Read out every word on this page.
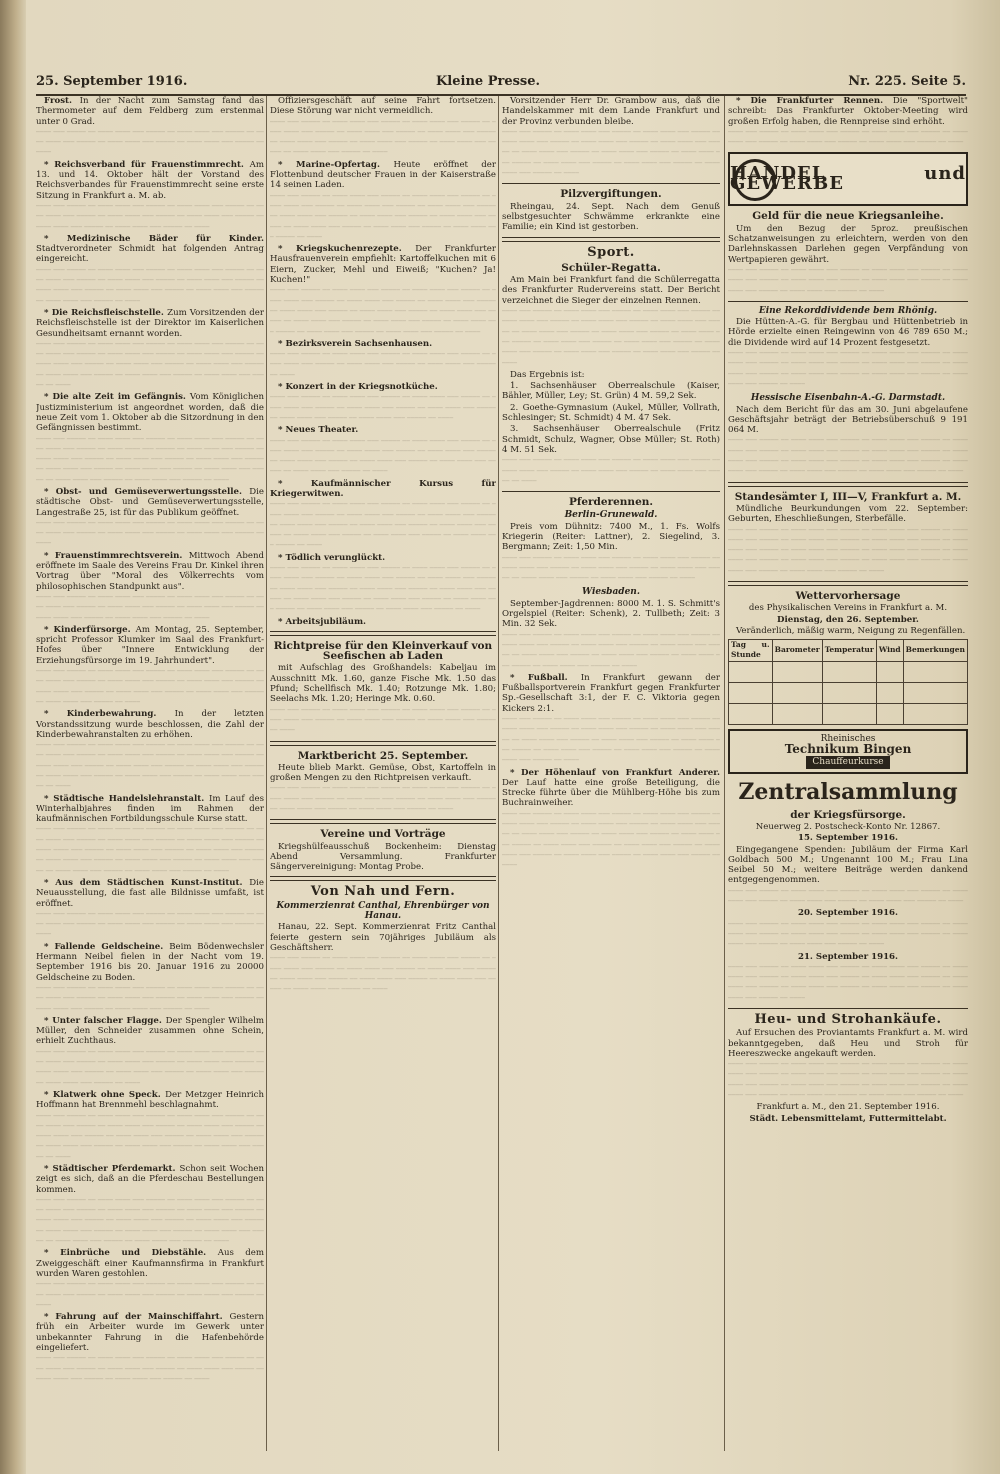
25. September 1916.	Kleine Presse.	Nr. 225. Seite 5.

Frost. In der Nacht zum Samstag fand das Thermometer auf dem Feldberg zum erstenmal unter 0 Grad.

──── ─── ───── ── ──── ──── ─── ───── ── ──── ──── ─── ───── ── ──── ──── ─── ───── ── ──── ──── ─── ───── ── ──── ──── ─── ───── ── ────

* Reichsverband für Frauenstimmrecht. Am 13. und 14. Oktober hält der Vorstand des Reichsverbandes für Frauenstimmrecht seine erste Sitzung in Frankfurt a. M. ab.

──── ─── ───── ── ──── ──── ─── ───── ── ──── ──── ─── ───── ── ──── ──── ─── ───── ── ──── ──── ─── ───── ── ──── ──── ─── ───── ── ──── ──── ─── ───── ── ──── ──── ─── ───── ── ────

* Medizinische Bäder für Kinder. Stadtverordneter Schmidt hat folgenden Antrag eingereicht.

──── ─── ───── ── ──── ──── ─── ───── ── ──── ──── ─── ───── ── ──── ──── ─── ───── ── ──── ──── ─── ───── ── ──── ──── ─── ───── ── ──── ──── ─── ───── ── ──── ──── ─── ───── ── ──── ──── ─── ───── ── ──── ──── ─── ───── ── ────

* Die Reichsfleischstelle. Zum Vorsitzenden der Reichsfleischstelle ist der Direktor im Kaiserlichen Gesundheitsamt ernannt worden.

──── ─── ───── ── ──── ──── ─── ───── ── ──── ──── ─── ───── ── ──── ──── ─── ───── ── ──── ──── ─── ───── ── ──── ──── ─── ───── ── ──── ──── ─── ───── ── ──── ──── ─── ───── ── ──── ──── ─── ───── ── ──── ──── ─── ───── ── ──── ──── ─── ───── ── ──── ──── ─── ───── ── ────

* Die alte Zeit im Gefängnis. Vom Königlichen Justizministerium ist angeordnet worden, daß die neue Zeit vom 1. Oktober ab die Sitzordnung in den Gefängnissen bestimmt.

──── ─── ───── ── ──── ──── ─── ───── ── ──── ──── ─── ───── ── ──── ──── ─── ───── ── ──── ──── ─── ───── ── ──── ──── ─── ───── ── ──── ──── ─── ───── ── ──── ──── ─── ───── ── ──── ──── ─── ───── ── ──── ──── ─── ───── ── ──── ──── ─── ───── ── ──── ──── ─── ───── ── ──── ──── ─── ───── ── ──── ──── ─── ───── ── ────

* Obst- und Gemüseverwertungsstelle. Die städtische Obst- und Gemüseverwertungsstelle, Langestraße 25, ist für das Publikum geöffnet.

──── ─── ───── ── ──── ──── ─── ───── ── ──── ──── ─── ───── ── ──── ──── ─── ───── ── ──── ──── ─── ───── ── ──── ──── ─── ───── ── ────

* Frauenstimmrechtsverein. Mittwoch Abend eröffnete im Saale des Vereins Frau Dr. Kinkel ihren Vortrag über "Moral des Völkerrechts vom philosophischen Standpunkt aus".

──── ─── ───── ── ──── ──── ─── ───── ── ──── ──── ─── ───── ── ──── ──── ─── ───── ── ──── ──── ─── ───── ── ──── ──── ─── ───── ── ──── ──── ─── ───── ── ──── ──── ─── ───── ── ────

* Kinderfürsorge. Am Montag, 25. September, spricht Professor Klumker im Saal des Frankfurt-Hofes über "Innere Entwicklung der Erziehungsfürsorge im 19. Jahrhundert".

──── ─── ───── ── ──── ──── ─── ───── ── ──── ──── ─── ───── ── ──── ──── ─── ───── ── ──── ──── ─── ───── ── ──── ──── ─── ───── ── ──── ──── ─── ───── ── ──── ──── ─── ───── ── ──── ──── ─── ───── ── ──── ──── ─── ───── ── ────

* Kinderbewahrung. In der letzten Vorstandssitzung wurde beschlossen, die Zahl der Kinderbewahranstalten zu erhöhen.

──── ─── ───── ── ──── ──── ─── ───── ── ──── ──── ─── ───── ── ──── ──── ─── ───── ── ──── ──── ─── ───── ── ──── ──── ─── ───── ── ──── ──── ─── ───── ── ──── ──── ─── ───── ── ──── ──── ─── ───── ── ──── ──── ─── ───── ── ──── ──── ─── ───── ── ──── ──── ─── ───── ── ────

* Städtische Handelslehranstalt. Im Lauf des Winterhalbjahres finden im Rahmen der kaufmännischen Fortbildungsschule Kurse statt.

──── ─── ───── ── ──── ──── ─── ───── ── ──── ──── ─── ───── ── ──── ──── ─── ───── ── ──── ──── ─── ───── ── ──── ──── ─── ───── ── ──── ──── ─── ───── ── ──── ──── ─── ───── ── ──── ──── ─── ───── ── ──── ──── ─── ───── ── ──── ──── ─── ───── ── ──── ──── ─── ───── ── ──── ──── ─── ───── ── ──── ──── ─── ───── ── ────

* Aus dem Städtischen Kunst-Institut. Die Neuausstellung, die fast alle Bildnisse umfaßt, ist eröffnet.

──── ─── ───── ── ──── ──── ─── ───── ── ──── ──── ─── ───── ── ──── ──── ─── ───── ── ──── ──── ─── ───── ── ──── ──── ─── ───── ── ────

* Fallende Geldscheine. Beim Bödenwechsler Hermann Neibel fielen in der Nacht vom 19. September 1916 bis 20. Januar 1916 zu 20000 Geldscheine zu Boden.

──── ─── ───── ── ──── ──── ─── ───── ── ──── ──── ─── ───── ── ──── ──── ─── ───── ── ──── ──── ─── ───── ── ──── ──── ─── ───── ── ──── ──── ─── ───── ── ──── ──── ─── ───── ── ────

* Unter falscher Flagge. Der Spengler Wilhelm Müller, den Schneider zusammen ohne Schein, erhielt Zuchthaus.

──── ─── ───── ── ──── ──── ─── ───── ── ──── ──── ─── ───── ── ──── ──── ─── ───── ── ──── ──── ─── ───── ── ──── ──── ─── ───── ── ──── ──── ─── ───── ── ──── ──── ─── ───── ── ──── ──── ─── ───── ── ──── ──── ─── ───── ── ────

* Klatwerk ohne Speck. Der Metzger Heinrich Hoffmann hat Brennmehl beschlagnahmt.

──── ─── ───── ── ──── ──── ─── ───── ── ──── ──── ─── ───── ── ──── ──── ─── ───── ── ──── ──── ─── ───── ── ──── ──── ─── ───── ── ──── ──── ─── ───── ── ──── ──── ─── ───── ── ──── ──── ─── ───── ── ──── ──── ─── ───── ── ──── ──── ─── ───── ── ──── ──── ─── ───── ── ────

* Städtischer Pferdemarkt. Schon seit Wochen zeigt es sich, daß an die Pferdeschau Bestellungen kommen.

──── ─── ───── ── ──── ──── ─── ───── ── ──── ──── ─── ───── ── ──── ──── ─── ───── ── ──── ──── ─── ───── ── ──── ──── ─── ───── ── ──── ──── ─── ───── ── ──── ──── ─── ───── ── ──── ──── ─── ───── ── ──── ──── ─── ───── ── ──── ──── ─── ───── ── ──── ──── ─── ───── ── ──── ──── ─── ───── ── ──── ──── ─── ───── ── ────

* Einbrüche und Diebstähle. Aus dem Zweiggeschäft einer Kaufmannsfirma in Frankfurt wurden Waren gestohlen.

──── ─── ───── ── ──── ──── ─── ───── ── ──── ──── ─── ───── ── ──── ──── ─── ───── ── ──── ──── ─── ───── ── ──── ──── ─── ───── ── ────

* Fahrung auf der Mainschiffahrt. Gestern früh ein Arbeiter wurde im Gewerk unter unbekannter Fahrung in die Hafenbehörde eingeliefert.

──── ─── ───── ── ──── ──── ─── ───── ── ──── ──── ─── ───── ── ──── ──── ─── ───── ── ──── ──── ─── ───── ── ──── ──── ─── ───── ── ──── ──── ─── ───── ── ──── ──── ─── ───── ── ────

Offiziersgeschäft auf seine Fahrt fortsetzen. Diese Störung war nicht vermeidlich.

──── ─── ───── ── ──── ──── ─── ───── ── ──── ──── ─── ───── ── ──── ──── ─── ───── ── ──── ──── ─── ───── ── ──── ──── ─── ───── ── ──── ──── ─── ───── ── ──── ──── ─── ───── ── ──── ──── ─── ───── ── ──── ──── ─── ───── ── ────

* Marine-Opfertag. Heute eröffnet der Flottenbund deutscher Frauen in der Kaiserstraße 14 seinen Laden.

──── ─── ───── ── ──── ──── ─── ───── ── ──── ──── ─── ───── ── ──── ──── ─── ───── ── ──── ──── ─── ───── ── ──── ──── ─── ───── ── ──── ──── ─── ───── ── ──── ──── ─── ───── ── ──── ──── ─── ───── ── ──── ──── ─── ───── ── ──── ──── ─── ───── ── ──── ──── ─── ───── ── ────

* Kriegskuchenrezepte. Der Frankfurter Hausfrauenverein empfiehlt: Kartoffelkuchen mit 6 Eiern, Zucker, Mehl und Eiweiß; "Kuchen? Ja! Kuchen!"

──── ─── ───── ── ──── ──── ─── ───── ── ──── ──── ─── ───── ── ──── ──── ─── ───── ── ──── ──── ─── ───── ── ──── ──── ─── ───── ── ──── ──── ─── ───── ── ──── ──── ─── ───── ── ──── ──── ─── ───── ── ──── ──── ─── ───── ── ──── ──── ─── ───── ── ──── ──── ─── ───── ── ──── ──── ─── ───── ── ──── ──── ─── ───── ── ────

* Bezirksverein Sachsenhausen.

──── ─── ───── ── ──── ──── ─── ───── ── ──── ──── ─── ───── ── ──── ──── ─── ───── ── ──── ──── ─── ───── ── ──── ──── ─── ───── ── ────

* Konzert in der Kriegsnotküche.

──── ─── ───── ── ──── ──── ─── ───── ── ──── ──── ─── ───── ── ──── ──── ─── ───── ── ──── ──── ─── ───── ── ──── ──── ─── ───── ── ──── ──── ─── ───── ── ──── ──── ─── ───── ── ────

* Neues Theater.

──── ─── ───── ── ──── ──── ─── ───── ── ──── ──── ─── ───── ── ──── ──── ─── ───── ── ──── ──── ─── ───── ── ──── ──── ─── ───── ── ──── ──── ─── ───── ── ──── ──── ─── ───── ── ──── ──── ─── ───── ── ──── ──── ─── ───── ── ────

* Kaufmännischer Kursus für Kriegerwitwen.

──── ─── ───── ── ──── ──── ─── ───── ── ──── ──── ─── ───── ── ──── ──── ─── ───── ── ──── ──── ─── ───── ── ──── ──── ─── ───── ── ──── ──── ─── ───── ── ──── ──── ─── ───── ── ──── ──── ─── ───── ── ──── ──── ─── ───── ── ──── ──── ─── ───── ── ──── ──── ─── ───── ── ────

* Tödlich verunglückt.

──── ─── ───── ── ──── ──── ─── ───── ── ──── ──── ─── ───── ── ──── ──── ─── ───── ── ──── ──── ─── ───── ── ──── ──── ─── ───── ── ──── ──── ─── ───── ── ──── ──── ─── ───── ── ──── ──── ─── ───── ── ──── ──── ─── ───── ── ──── ──── ─── ───── ── ──── ──── ─── ───── ── ──── ──── ─── ───── ── ──── ──── ─── ───── ── ────

* Arbeitsjubiläum.

Richtpreise für den Kleinverkauf von Seefischen ab Laden

mit Aufschlag des Großhandels: Kabeljau im Ausschnitt Mk. 1.60, ganze Fische Mk. 1.50 das Pfund; Schellfisch Mk. 1.40; Rotzunge Mk. 1.80; Seelachs Mk. 1.20; Heringe Mk. 0.60.

──── ─── ───── ── ──── ──── ─── ───── ── ──── ──── ─── ───── ── ──── ──── ─── ───── ── ──── ──── ─── ───── ── ──── ──── ─── ───── ── ────

Marktbericht 25. September.

Heute blieb Markt. Gemüse, Obst, Kartoffeln in großen Mengen zu den Richtpreisen verkauft.

──── ─── ───── ── ──── ──── ─── ───── ── ──── ──── ─── ───── ── ──── ──── ─── ───── ── ──── ──── ─── ───── ── ──── ──── ─── ───── ── ──── ──── ─── ───── ── ──── ──── ─── ───── ── ────

Vereine und Vorträge

Kriegshülfeausschuß Bockenheim: Dienstag Abend Versammlung. Frankfurter Sängervereinigung: Montag Probe.

Von Nah und Fern.
Kommerzienrat Canthal, Ehrenbürger von Hanau.

Hanau, 22. Sept. Kommerzienrat Fritz Canthal feierte gestern sein 70jähriges Jubiläum als Geschäftsherr.

──── ─── ───── ── ──── ──── ─── ───── ── ──── ──── ─── ───── ── ──── ──── ─── ───── ── ──── ──── ─── ───── ── ──── ──── ─── ───── ── ──── ──── ─── ───── ── ──── ──── ─── ───── ── ──── ──── ─── ───── ── ──── ──── ─── ───── ── ────

Vorsitzender Herr Dr. Grambow aus, daß die Handelskammer mit dem Lande Frankfurt und der Provinz verbunden bleibe.

──── ─── ───── ── ──── ──── ─── ───── ── ──── ──── ─── ───── ── ──── ──── ─── ───── ── ──── ──── ─── ───── ── ──── ──── ─── ───── ── ──── ──── ─── ───── ── ──── ──── ─── ───── ── ──── ──── ─── ───── ── ──── ──── ─── ───── ── ──── ──── ─── ───── ── ──── ──── ─── ───── ── ────

Pilzvergiftungen.

Rheingau, 24. Sept. Nach dem Genuß selbstgesuchter Schwämme erkrankte eine Familie; ein Kind ist gestorben.

Sport.
Schüler-Regatta.

Am Main bei Frankfurt fand die Schülerregatta des Frankfurter Rudervereins statt. Der Bericht verzeichnet die Sieger der einzelnen Rennen.

──── ─── ───── ── ──── ──── ─── ───── ── ──── ──── ─── ───── ── ──── ──── ─── ───── ── ──── ──── ─── ───── ── ──── ──── ─── ───── ── ──── ──── ─── ───── ── ──── ──── ─── ───── ── ──── ──── ─── ───── ── ──── ──── ─── ───── ── ──── ──── ─── ───── ── ──── ──── ─── ───── ── ──── ──── ─── ───── ── ──── ──── ─── ───── ── ────

Das Ergebnis ist:

1. Sachsenhäuser Oberrealschule (Kaiser, Bähler, Müller, Ley; St. Grün) 4 M. 59,2 Sek.

2. Goethe-Gymnasium (Aukel, Müller, Vollrath, Schlesinger; St. Schmidt) 4 M. 47 Sek.

3. Sachsenhäuser Oberrealschule (Fritz Schmidt, Schulz, Wagner, Obse Müller; St. Roth) 4 M. 51 Sek.

──── ─── ───── ── ──── ──── ─── ───── ── ──── ──── ─── ───── ── ──── ──── ─── ───── ── ──── ──── ─── ───── ── ──── ──── ─── ───── ── ────

Pferderennen.
Berlin-Grunewald.

Preis vom Dühnitz: 7400 M., 1. Fs. Wolfs Kriegerin (Reiter: Lattner), 2. Siegelind, 3. Bergmann; Zeit: 1,50 Min.

──── ─── ───── ── ──── ──── ─── ───── ── ──── ──── ─── ───── ── ──── ──── ─── ───── ── ──── ──── ─── ───── ── ──── ──── ─── ───── ── ──── ──── ─── ───── ── ──── ──── ─── ───── ── ────

Wiesbaden.

September-Jagdrennen: 8000 M. 1. S. Schmitt's Orgelspiel (Reiter: Schenk), 2. Tullbeth; Zeit: 3 Min. 32 Sek.

──── ─── ───── ── ──── ──── ─── ───── ── ──── ──── ─── ───── ── ──── ──── ─── ───── ── ──── ──── ─── ───── ── ──── ──── ─── ───── ── ──── ──── ─── ───── ── ──── ──── ─── ───── ── ──── ──── ─── ───── ── ──── ──── ─── ───── ── ────

* Fußball. In Frankfurt gewann der Fußballsportverein Frankfurt gegen Frankfurter Sp.-Gesellschaft 3:1, der F. C. Viktoria gegen Kickers 2:1.

──── ─── ───── ── ──── ──── ─── ───── ── ──── ──── ─── ───── ── ──── ──── ─── ───── ── ──── ──── ─── ───── ── ──── ──── ─── ───── ── ──── ──── ─── ───── ── ──── ──── ─── ───── ── ──── ──── ─── ───── ── ──── ──── ─── ───── ── ──── ──── ─── ───── ── ──── ──── ─── ───── ── ────

* Der Höhenlauf von Frankfurt Anderer. Der Lauf hatte eine große Beteiligung, die Strecke führte über die Mühlberg-Höhe bis zum Buchrainweiher.

──── ─── ───── ── ──── ──── ─── ───── ── ──── ──── ─── ───── ── ──── ──── ─── ───── ── ──── ──── ─── ───── ── ──── ──── ─── ───── ── ──── ──── ─── ───── ── ──── ──── ─── ───── ── ──── ──── ─── ───── ── ──── ──── ─── ───── ── ──── ──── ─── ───── ── ──── ──── ─── ───── ── ──── ──── ─── ───── ── ──── ──── ─── ───── ── ────

* Die Frankfurter Rennen. Die "Sportwelt" schreibt: Das Frankfurter Oktober-Meeting wird großen Erfolg haben, die Rennpreise sind erhöht.

──── ─── ───── ── ──── ──── ─── ───── ── ──── ──── ─── ───── ── ──── ──── ─── ───── ── ──── ──── ─── ───── ── ──── ──── ─── ───── ── ────

HANDEL und GEWERBE
Geld für die neue Kriegsanleihe.

Um den Bezug der 5proz. preußischen Schatzanweisungen zu erleichtern, werden von den Darlehnskassen Darlehen gegen Verpfändung von Wertpapieren gewährt.

──── ─── ───── ── ──── ──── ─── ───── ── ──── ──── ─── ───── ── ──── ──── ─── ───── ── ──── ──── ─── ───── ── ──── ──── ─── ───── ── ──── ──── ─── ───── ── ──── ──── ─── ───── ── ────

Eine Rekorddividende bem Rhönig.

Die Hütten-A.-G. für Bergbau und Hüttenbetrieb in Hörde erzielte einen Reingewinn von 46 789 650 M.; die Dividende wird auf 14 Prozent festgesetzt.

──── ─── ───── ── ──── ──── ─── ───── ── ──── ──── ─── ───── ── ──── ──── ─── ───── ── ──── ──── ─── ───── ── ──── ──── ─── ───── ── ──── ──── ─── ───── ── ──── ──── ─── ───── ── ──── ──── ─── ───── ── ──── ──── ─── ───── ── ────

Hessische Eisenbahn-A.-G. Darmstadt.

Nach dem Bericht für das am 30. Juni abgelaufene Geschäftsjahr beträgt der Betriebsüberschuß 9 191 064 M.

──── ─── ───── ── ──── ──── ─── ───── ── ──── ──── ─── ───── ── ──── ──── ─── ───── ── ──── ──── ─── ───── ── ──── ──── ─── ───── ── ──── ──── ─── ───── ── ──── ──── ─── ───── ── ──── ──── ─── ───── ── ──── ──── ─── ───── ── ──── ──── ─── ───── ── ──── ──── ─── ───── ── ────

Standesämter I, III—V, Frankfurt a. M.

Mündliche Beurkundungen vom 22. September: Geburten, Eheschließungen, Sterbefälle.

──── ─── ───── ── ──── ──── ─── ───── ── ──── ──── ─── ───── ── ──── ──── ─── ───── ── ──── ──── ─── ───── ── ──── ──── ─── ───── ── ──── ──── ─── ───── ── ──── ──── ─── ───── ── ──── ──── ─── ───── ── ──── ──── ─── ───── ── ──── ──── ─── ───── ── ──── ──── ─── ───── ── ──── ──── ─── ───── ── ──── ──── ─── ───── ── ────

Wettervorhersage

des Physikalischen Vereins in Frankfurt a. M.

Dienstag, den 26. September.

Veränderlich, mäßig warm, Neigung zu Regenfällen.

Tag u. Stunde	Barometer	Temperatur	Wind	Bemerkungen

Rheinisches
Technikum Bingen
Chauffeurkurse
Zentralsammlung
der Kriegsfürsorge.

Neuerweg 2. Postscheck-Konto Nr. 12867.

15. September 1916.

Eingegangene Spenden: Jubiläum der Firma Karl Goldbach 500 M.; Ungenannt 100 M.; Frau Lina Seibel 50 M.; weitere Beiträge werden dankend entgegengenommen.

──── ─── ───── ── ──── ──── ─── ───── ── ──── ──── ─── ───── ── ──── ──── ─── ───── ── ──── ──── ─── ───── ── ──── ──── ─── ───── ── ────

20. September 1916.

──── ─── ───── ── ──── ──── ─── ───── ── ──── ──── ─── ───── ── ──── ──── ─── ───── ── ──── ──── ─── ───── ── ──── ──── ─── ───── ── ──── ──── ─── ───── ── ──── ──── ─── ───── ── ────

21. September 1916.

──── ─── ───── ── ──── ──── ─── ───── ── ──── ──── ─── ───── ── ──── ──── ─── ───── ── ──── ──── ─── ───── ── ──── ──── ─── ───── ── ──── ──── ─── ───── ── ──── ──── ─── ───── ── ──── ──── ─── ───── ── ──── ──── ─── ───── ── ────

Heu- und Strohankäufe.

Auf Ersuchen des Proviantamts Frankfurt a. M. wird bekanntgegeben, daß Heu und Stroh für Heereszwecke angekauft werden.

──── ─── ───── ── ──── ──── ─── ───── ── ──── ──── ─── ───── ── ──── ──── ─── ───── ── ──── ──── ─── ───── ── ──── ──── ─── ───── ── ──── ──── ─── ───── ── ──── ──── ─── ───── ── ──── ──── ─── ───── ── ──── ──── ─── ───── ── ──── ──── ─── ───── ── ──── ──── ─── ───── ── ────

Frankfurt a. M., den 21. September 1916.

Städt. Lebensmittelamt, Futtermittelabt.
